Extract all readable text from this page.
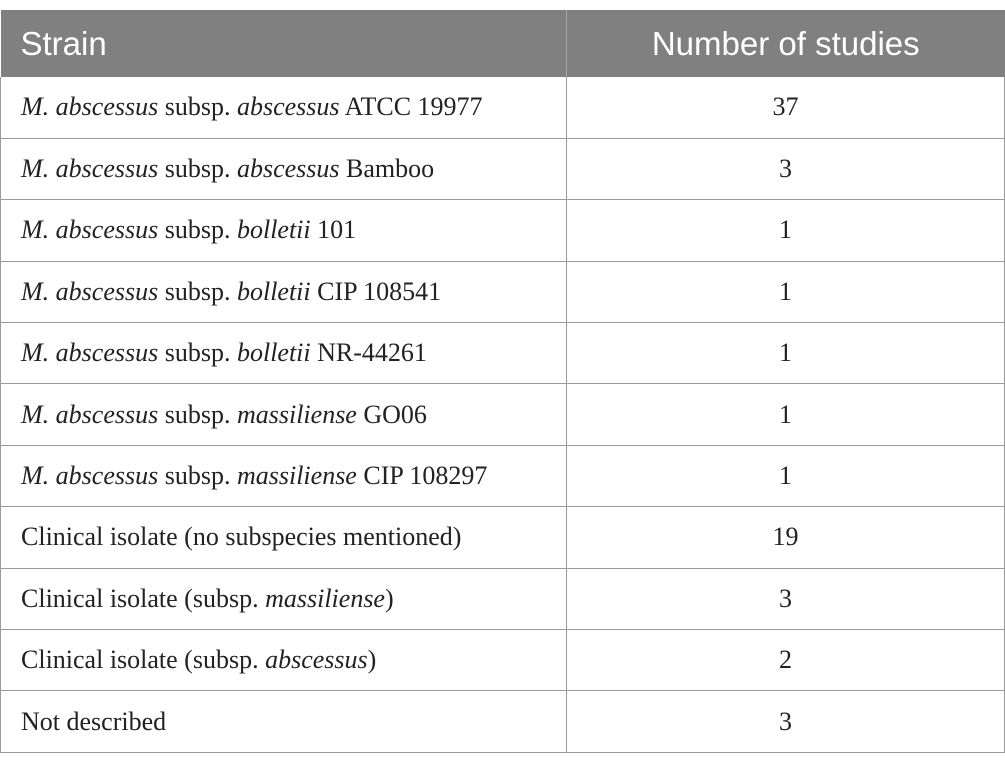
Strain	Number of studies
M. abscessus subsp. abscessus ATCC 19977	37
M. abscessus subsp. abscessus Bamboo	3
M. abscessus subsp. bolletii 101	1
M. abscessus subsp. bolletii CIP 108541	1
M. abscessus subsp. bolletii NR-44261	1
M. abscessus subsp. massiliense GO06	1
M. abscessus subsp. massiliense CIP 108297	1
Clinical isolate (no subspecies mentioned)	19
Clinical isolate (subsp. massiliense)	3
Clinical isolate (subsp. abscessus)	2
Not described	3
